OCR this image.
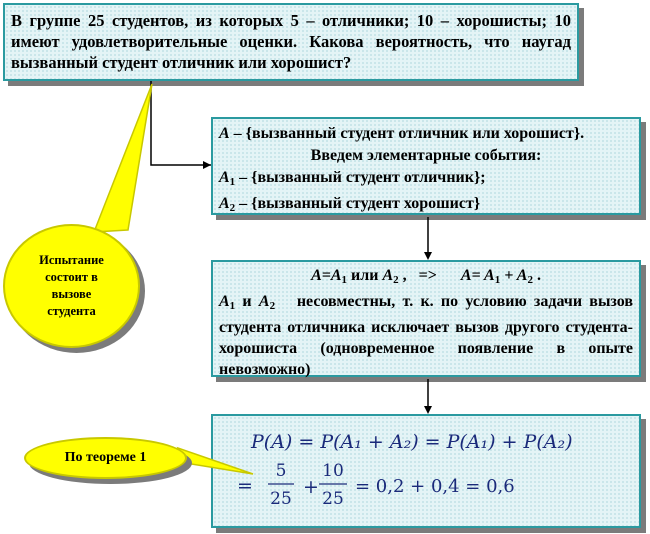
В группе 25 студентов, из которых 5 – отличники; 10 – хорошисты; 10 имеют удовлетворительные оценки. Какова вероятность, что наугад вызванный студент отличник или хорошист?
A – {вызванный студент отличник или хорошист}.
Введем элементарные события:
$A_1$ – {вызванный студент отличник};
$A_2$ – {вызванный студент хорошист}
$A=A_1$ или $A_2$ ,   =>      $A= A_1 + A_2$ .
$A_1$ и $A_2$   несовместны, т. к. по условию задачи вызов студента отличника исключает вызов другого студента-хорошиста (одновременное появление в опыте невозможно)
P(A) = P(A₁ + A₂) = P(A₁) + P(A₂)
=
5
25
+
10
25
= 0,2 + 0,4 = 0,6
Испытание состоит в вызове студента
По теореме 1
